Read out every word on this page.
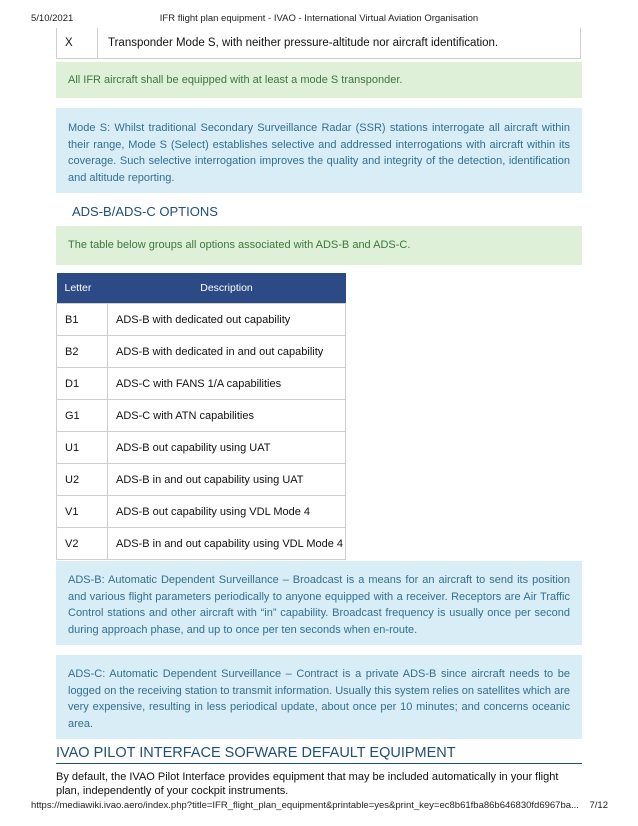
5/10/2021	IFR flight plan equipment - IVAO - International Virtual Aviation Organisation
X	Transponder Mode S, with neither pressure-altitude nor aircraft identification.
All IFR aircraft shall be equipped with at least a mode S transponder.
Mode S: Whilst traditional Secondary Surveillance Radar (SSR) stations interrogate all aircraft within their range, Mode S (Select) establishes selective and addressed interrogations with aircraft within its coverage. Such selective interrogation improves the quality and integrity of the detection, identification and altitude reporting.
ADS-B/ADS-C OPTIONS
The table below groups all options associated with ADS-B and ADS-C.
Letter	Description
B1	ADS-B with dedicated out capability
B2	ADS-B with dedicated in and out capability
D1	ADS-C with FANS 1/A capabilities
G1	ADS-C with ATN capabilities
U1	ADS-B out capability using UAT
U2	ADS-B in and out capability using UAT
V1	ADS-B out capability using VDL Mode 4
V2	ADS-B in and out capability using VDL Mode 4
ADS-B: Automatic Dependent Surveillance – Broadcast is a means for an aircraft to send its position and various flight parameters periodically to anyone equipped with a receiver. Receptors are Air Traffic Control stations and other aircraft with “in” capability. Broadcast frequency is usually once per second during approach phase, and up to once per ten seconds when en-route.
ADS-C: Automatic Dependent Surveillance – Contract is a private ADS-B since aircraft needs to be logged on the receiving station to transmit information. Usually this system relies on satellites which are very expensive, resulting in less periodical update, about once per 10 minutes; and concerns oceanic area.
IVAO PILOT INTERFACE SOFWARE DEFAULT EQUIPMENT
By default, the IVAO Pilot Interface provides equipment that may be included automatically in your flight plan, independently of your cockpit instruments.
https://mediawiki.ivao.aero/index.php?title=IFR_flight_plan_equipment&printable=yes&print_key=ec8b61fba86b646830fd6967ba...	7/12
